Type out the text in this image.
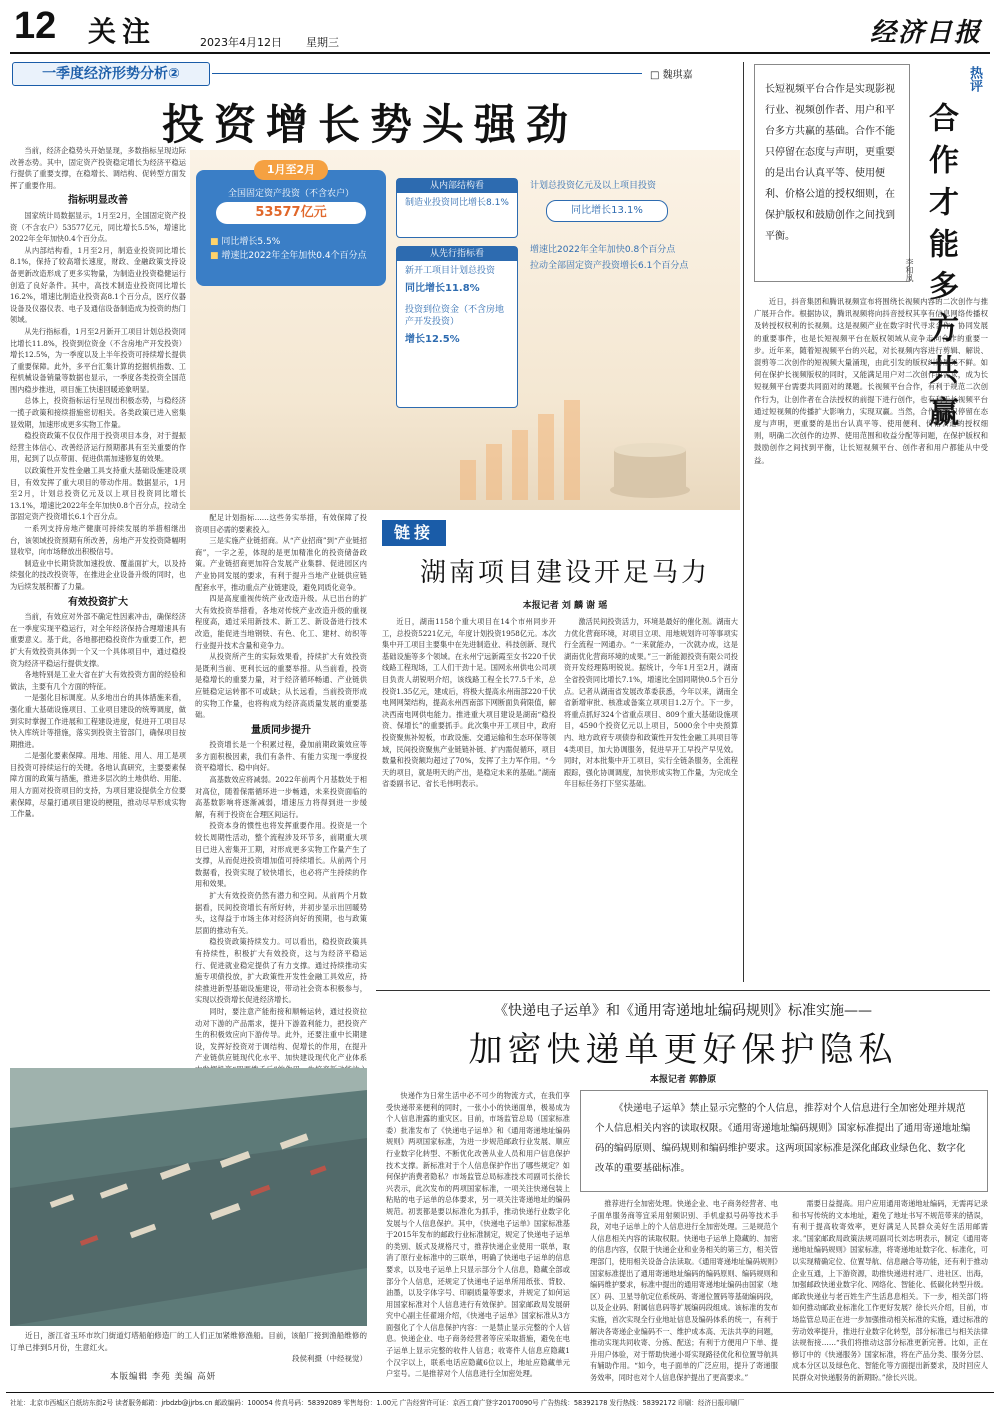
12 关注	2023年4月12日 星期三	经济日报
一季度经济形势分析②	□ 魏琪嘉
投资增长势头强劲
1月至2月
全国固定资产投资（不含农户）
53577亿元
■ 同比增长5.5%
■ 增速比2022年全年加快0.4个百分点
从内部结构看
制造业投资同比增长8.1%
从先行指标看
新开工项目计划总投资
同比增长11.8%
投资到位资金（不含房地产开发投资）
增长12.5%
计划总投资亿元及以上项目投资
同比增长13.1%
增速比2022年全年加快0.8个百分点
拉动全部固定资产投资增长6.1个百分点

当前，经济企稳势头开始显现，多数指标呈现边际改善态势。其中，固定资产投资稳定增长为经济平稳运行提供了重要支撑，在稳增长、调结构、促转型方面发挥了重要作用。

指标明显改善

国家统计局数据显示，1月至2月，全国固定资产投资（不含农户）53577亿元，同比增长5.5%，增速比2022年全年加快0.4个百分点。

从内部结构看，1月至2月，制造业投资同比增长8.1%，保持了较高增长速度，财政、金融政策支持设备更新改造形成了更多实物量，为制造业投资稳健运行创造了良好条件。其中，高技术制造业投资同比增长16.2%，增速比制造业投资高8.1个百分点，医疗仪器设备及仪器仪表、电子及通信设备制造成为投资的热门领域。

从先行指标看，1月至2月新开工项目计划总投资同比增长11.8%，投资到位资金（不含房地产开发投资）增长12.5%，为一季度以及上半年投资可持续增长提供了重要保障。此外，多平台汇集计算的挖掘机指数、工程机械设备销量等数据也显示，一季度各类投资全国范围内稳步推进，项目施工快速回暖迹象明显。

总体上，投资指标运行呈现出积极态势，与稳经济一揽子政策和接续措施密切相关。各类政策已进入密集显效期，加速形成更多实物工作量。

稳投资政策不仅仅作用于投资项目本身，对于提振经营主体信心、改善经济运行预期都具有至关重要的作用，起到了以点带面、促进供需加速修复的效果。

以政策性开发性金融工具支持重大基础设施建设项目，有效发挥了重大项目的带动作用。数据显示，1月至2月，计划总投资亿元及以上项目投资同比增长13.1%，增速比2022年全年加快0.8个百分点，拉动全部固定资产投资增长6.1个百分点。

一系列支持房地产健康可持续发展的举措相继出台，该领域投资预期有所改善，房地产开发投资降幅明显收窄，向市场释放出积极信号。

制造业中长期贷款加速投放、覆盖面扩大，以及持续强化的技改投资等，在推进企业设备升级的同时，也为后续发展积蓄了力量。

有效投资扩大

当前，有效应对外部不确定性因素冲击，确保经济在一季度实现平稳运行，对全年经济保持合理增速具有重要意义。基于此，各地都把稳投资作为重要工作，把扩大有效投资具体到一个又一个具体项目中，通过稳投资为经济平稳运行提供支撑。

各地特别是工业大省在扩大有效投资方面的经验和做法，主要有几个方面的特征。

一是强化目标调度。从多地出台的具体措施来看，强化重大基础设施项目、工业项目建设的统筹调度，做到实时掌握工作进展和工程建设进度，促进开工项目尽快入库统计等措施，落实到投资主管部门，确保项目按期推进。

二是强化要素保障。用地、用能、用人、用工是项目投资可持续运行的关键。各地认真研究，主要要素保障方面的政策与措施，推进多层次的土地供给、用能、用人方面对投资项目的支持，为项目建设提供全方位要素保障，尽量打通项目建设的梗阻，推动尽早形成实物工作量。

配足计划指标……这些务实举措，有效保障了投资项目必需的要素投入。

三是实施产业链招商。从“产业招商”到“产业链招商”，一字之差，体现的是更加精准化的投资储备政策。产业链招商更加符合发展产业集群、促进园区内产业协同发展的要求，有利于提升当地产业链供应链配套水平，推动重点产业链建设，避免同质化竞争。

四是高度重视传统产业改造升级。从已出台的扩大有效投资举措看，各地对传统产业改造升级的重视程度高，通过采用新技术、新工艺、新设备进行技术改造，能促进当地钢铁、有色、化工、建材、纺织等行业提升技术含量和竞争力。

从投资所产生的实际效果看，持续扩大有效投资是既利当前、更利长远的重要举措。从当前看，投资是稳增长的重要力量，对于经济循环畅通、产业链供应链稳定运转都不可或缺；从长远看，当前投资形成的实物工作量，也将构成为经济高质量发展的重要基础。

量质同步提升

投资增长是一个积累过程，叠加前期政策效应等多方面积极因素，我们有条件、有能力实现一季度投资平稳增长、稳中向好。

高基数效应将减弱。2022年前两个月基数处于相对高位，随着保需循环进一步畅通，未来投资面临的高基数影响将逐渐减弱，增速压力将得到进一步缓解，有利于投资在合理区间运行。

投资本身的惯性也将发挥重要作用。投资是一个较长周期性活动，整个流程涉及环节多，前期重大项目已进入密集开工期，对形成更多实物工作量产生了支撑，从而促进投资增加值可持续增长。从前两个月数据看，投资实现了较快增长，也必将产生持续的作用和效果。

扩大有效投资仍然有潜力和空间。从前两个月数据看，民间投资增长有所好转，并初步显示出回暖势头，这得益于市场主体对经济向好的预期，也与政策层面的推动有关。

稳投资政策持续发力。可以看出，稳投资政策具有持续性，积极扩大有效投资，这与为经济平稳运行、促进就业稳定提供了有力支撑。通过持续推动实施专项债投放，扩大政策性开发性金融工具效应，持续推进新型基础设施建设，带动社会资本积极参与，实现以投资增长促进经济增长。

同时，要注意产能衔接和顺畅运转，通过投资拉动对下游的产品需求，提升下游盈利能力，把投资产生的积极效应向下游传导。此外，还要注重中长期建设，发挥好投资对于调结构、促增长的作用，在提升产业链供应链现代化水平、加快建设现代化产业体系

近日，浙江省玉环市坎门街道灯塔船舶修造厂的工人们正加紧维修渔船。目前，该船厂接到渔船维修的订单已排到5月份，生意红火。

段侯利摄（中经视觉）

本版编辑 李苑 美编 高妍
长短视频平台合作是实现影视行业、视频创作者、用户和平台多方共赢的基础。合作不能只停留在态度与声明，更重要的是出台认真平等、使用便利、价格公道的授权细则，在保护版权和鼓励创作之间找到平衡。
热评
合作才能多方共赢
李和凤

近日，抖音集团和腾讯视频宣布将围绕长视频内容的二次创作与推广展开合作。根据协议，腾讯视频将向抖音授权其享有信息网络传播权及转授权权利的长视频。这是视频产业在数字时代寻求合作、协同发展的重要事件，也是长短视频平台在版权领域从竞争走向合作的重要一步。近年来，随着短视频平台的兴起，对长视频内容进行剪辑、解说、混剪等二次创作的短视频大量涌现，由此引发的版权纠纷屡见不鲜。如何在保护长视频版权的同时，又能满足用户对二次创作的需求，成为长短视频平台需要共同面对的课题。长视频平台合作，有利于规范二次创作行为，让创作者在合法授权的前提下进行创作，也有利于长视频平台通过短视频的传播扩大影响力，实现双赢。当然，合作不能只停留在态度与声明，更重要的是出台认真平等、使用便利、价格公道的授权细则，明确二次创作的边界、使用范围和收益分配等问题，在保护版权和鼓励创作之间找到平衡，让长短视频平台、创作者和用户都能从中受益。

链接
湖南项目建设开足马力
本报记者 刘 麟 谢 瑶

近日，湖南1158个重大项目在14个市州同步开工，总投资5221亿元，年度计划投资1958亿元。本次集中开工项目主要集中在先进制造业、科技创新、现代基础设施等多个领域。在永州宁远新霞至女书220千伏线路工程现场，工人们干劲十足。国网永州供电公司项目负责人胡锐明介绍，该线路工程全长77.5千米，总投资1.35亿元，建成后，将极大提高永州南部220千伏电网网架结构，提高永州西南部下网断面负荷限值，解决西南电网供电能力。推进重大项目建设是湖南“稳投资、保增长”的重要抓手。此次集中开工项目中，政府投资聚焦补短板，市政设施、交通运输和生态环保等领域，民间投资聚焦产业链链补链、扩内需促循环，项目数量和投资额均超过了70%，发挥了主力军作用。“今天的项目，就是明天的产出，是稳定未来的基础。”湖南省委副书记、省长毛伟明表示。

激活民间投资活力，环境是最好的催化剂。湖南大力优化营商环境，对项目立项、用地规划许可等事项实行全流程一网通办。“一来就能办，一次就办成，这是湖南优化营商环境的成果。”三一新能源投资有限公司投资开发经理陈明锐说。据统计，今年1月至2月，湖南全省投资同比增长7.1%，增速比全国同期快0.5个百分点。记者从湖南省发展改革委获悉，今年以来，湖南全省新增审批、核准或备案立项项目1.2万个。下一步，将重点抓好324个省重点项目、809个重大基础设施项目，4590个投资亿元以上项目，5000余个中央预算内、地方政府专项债券和政策性开发性金融工具项目等4类项目，加大协调服务，促进早开工早投产早见效。同时，对本批集中开工项目，实行全链条服务，全流程跟踪，强化协调调度，加快形成实物工作量，为完成全年目标任务打下坚实基础。

《快递电子运单》和《通用寄递地址编码规则》标准实施——
加密快递单更好保护隐私
本报记者 郭静原
《快递电子运单》禁止显示完整的个人信息，推荐对个人信息进行全加密处理并规范个人信息相关内容的读取权限。《通用寄递地址编码规则》国家标准提出了通用寄递地址编码的编码原则、编码规则和编码维护要求。这两项国家标准是深化邮政业绿色化、数字化改革的重要基础标准。

快递作为日常生活中必不可少的物流方式，在我们享受快递带来便利的同时，一张小小的快递面单，极易成为个人信息泄露的重灾区。目前，市场监管总局（国家标准委）批准发布了《快递电子运单》和《通用寄递地址编码规则》两项国家标准，为进一步规范邮政行业发展、顺应行业数字化转型、不断优化改善从业人员和用户信息保护技术支撑。新标准对于个人信息保护作出了哪些规定？如何保护消费者隐私？市场监管总局标准技术司副司长徐长兴表示，此次发布的两项国家标准，一项关注快递包装上粘贴的电子运单的总体要求，另一项关注寄递地址的编码规范。初衷都是要以标准化为抓手，推动快递行业数字化发展与个人信息保护。其中，《快递电子运单》国家标准基于2015年发布的邮政行业标准制定，规定了快递电子运单的类别、版式及规格尺寸，推荐快递企业使用一联单，取消了原行业标准中的三联单，明确了快递电子运单的信息要求，以及电子运单上只显示部分个人信息，隐藏全部或部分个人信息，还规定了快递电子运单所用纸张、背胶、油墨，以及字体字号、印刷质量等要求，并规定了如何运用国家标准对个人信息进行有效保护。国家邮政局发展研究中心副主任翟翊介绍，《快递电子运单》国家标准从3方面强化了个人信息保护内容：一是禁止显示完整的个人信息。快递企业、电子商务经营者等应采取措施，避免在电子运单上显示完整的收件人信息；收寄件人信息应隐藏1个汉字以上，联系电话应隐藏6位以上，地址应隐藏单元户室号。二是推荐对个人信息进行全加密处理。

推荐进行全加密处理。快递企业、电子商务经营者、电子面单服务商等宜采用射频识别、手机虚拟号码等技术手段，对电子运单上的个人信息进行全加密处理。三是规范个人信息相关内容的读取权限。快递电子运单上隐藏的、加密的信息内容，仅限于快递企业和业务相关的第三方，相关管理部门，使用相关设备合法读取。《通用寄递地址编码规则》国家标准提出了通用寄递地址编码的编码原则、编码规则和编码维护要求，标准中提出的通用寄递地址编码由国家（地区）码、卫星导航定位系统码、寄递位置码等基础编码段，以及企业码、附属信息码等扩展编码段组成。该标准的发布实施，首次实现全行业地址信息及编码体系的统一，有利于解决各寄递企业编码不一、维护成本高、无法共享的问题，推动实现共同收寄、分拣、配送；有利于方便用户下单、提升用户体验，对于帮助快递小哥实现路径优化和位置导航具有辅助作用。“如今，电子面单的广泛应用，提升了寄递服务效率，同时也对个人信息保护提出了更高要求。”

需要日益提高。用户应用通用寄递地址编码，无需再记录和书写传统的文本地址，避免了地址书写不规范带来的错误，有利于提高收寄效率，更好满足人民群众美好生活用邮需求。”国家邮政局政策法规司副司长刘志明表示，制定《通用寄递地址编码规则》国家标准，将寄递地址数字化、标准化，可以实现精确定位、位置导航、信息融合等功能，还有利于推动企业互通，上下游资源，助推快递进村进厂、进社区、出海，加强邮政快递业数字化、网络化、智能化、低碳化转型升级。邮政快递业与老百姓生产生活息息相关。下一步，相关部门将如何推动邮政业标准化工作更好发展？徐长兴介绍，目前，市场监管总局正在进一步加强推动相关标准的实施，通过标准的劳动效率提升，推进行业数字化转型，部分标准已与相关法律法规衔接……“我们将推动这部分标准更新完善。比如，正在修订中的《快递服务》国家标准，将在产品分类、服务分层、成本分区以及绿色化、智能化等方面提出新要求，及时回应人民群众对快递服务的新期盼。”徐长兴说。

社址：北京市西城区白纸坊东街2号 读者服务邮箱：jrbdzb@jjrbs.cn 邮政编码：100054 传真号码：58392089 零售每份：1.00元 广告经营许可证：京西工商广登字20170090号 广告热线：58392178 发行热线：58392172 印刷：经济日报印刷厂
